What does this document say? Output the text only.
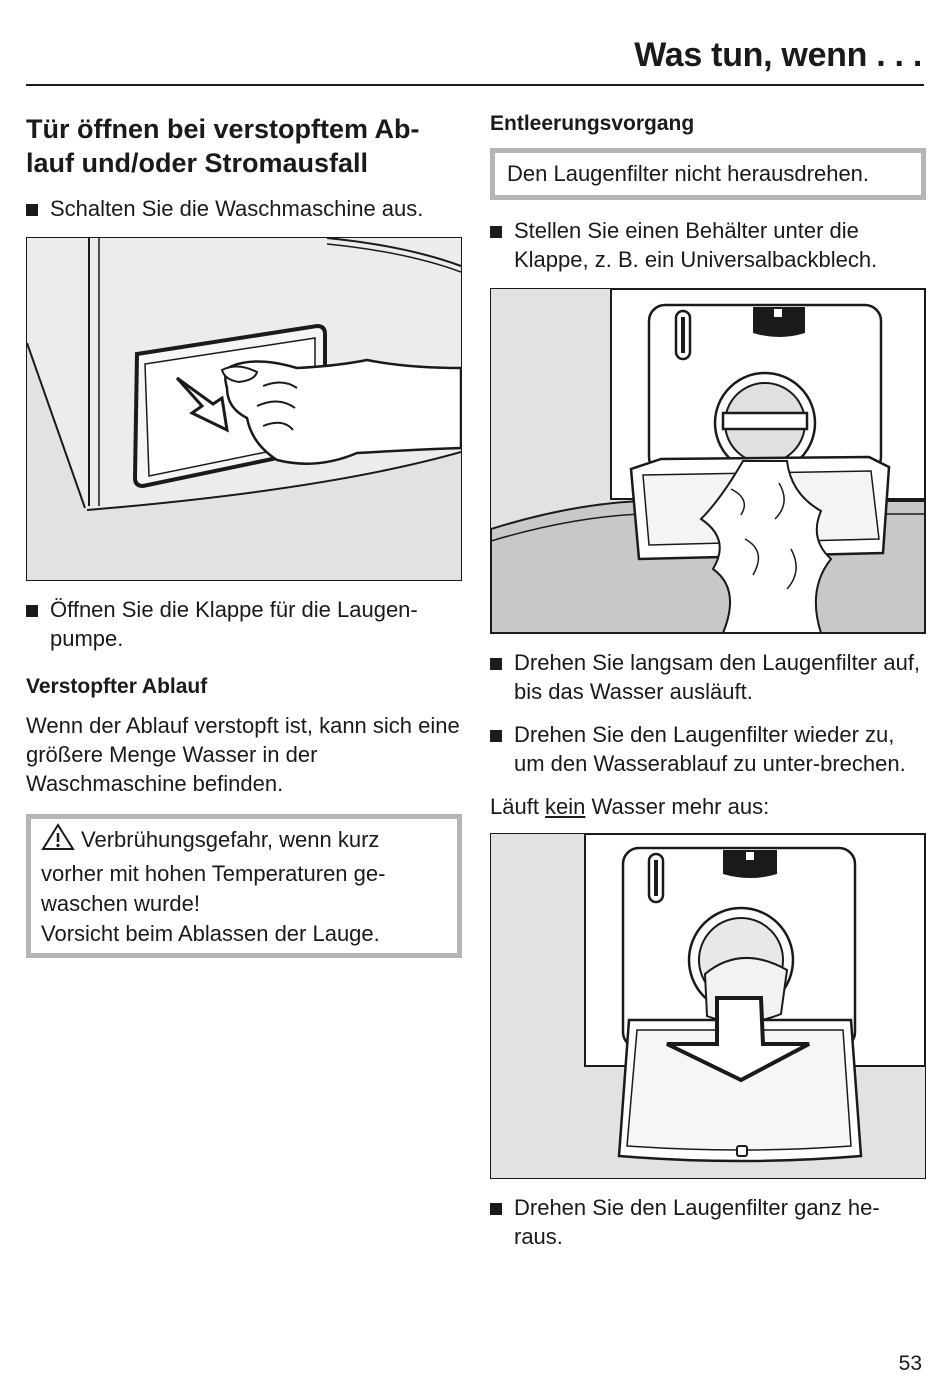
Was tun, wenn . . .
Tür öffnen bei verstopftem Ab-
lauf und/oder Stromausfall
Schalten Sie die Waschmaschine aus.
Öffnen Sie die Klappe für die Laugen-pumpe.
Verstopfter Ablauf
Wenn der Ablauf verstopft ist, kann sich eine größere Menge Wasser in der Waschmaschine befinden.
Verbrühungsgefahr, wenn kurz vorher mit hohen Temperaturen ge-waschen wurde!
Vorsicht beim Ablassen der Lauge.
Entleerungsvorgang
Den Laugenfilter nicht herausdrehen.
Stellen Sie einen Behälter unter die Klappe, z. B. ein Universalbackblech.
Drehen Sie langsam den Laugenfilter auf, bis das Wasser ausläuft.
Drehen Sie den Laugenfilter wieder zu, um den Wasserablauf zu unter-brechen.
Läuft kein Wasser mehr aus:
Drehen Sie den Laugenfilter ganz he-raus.
53
